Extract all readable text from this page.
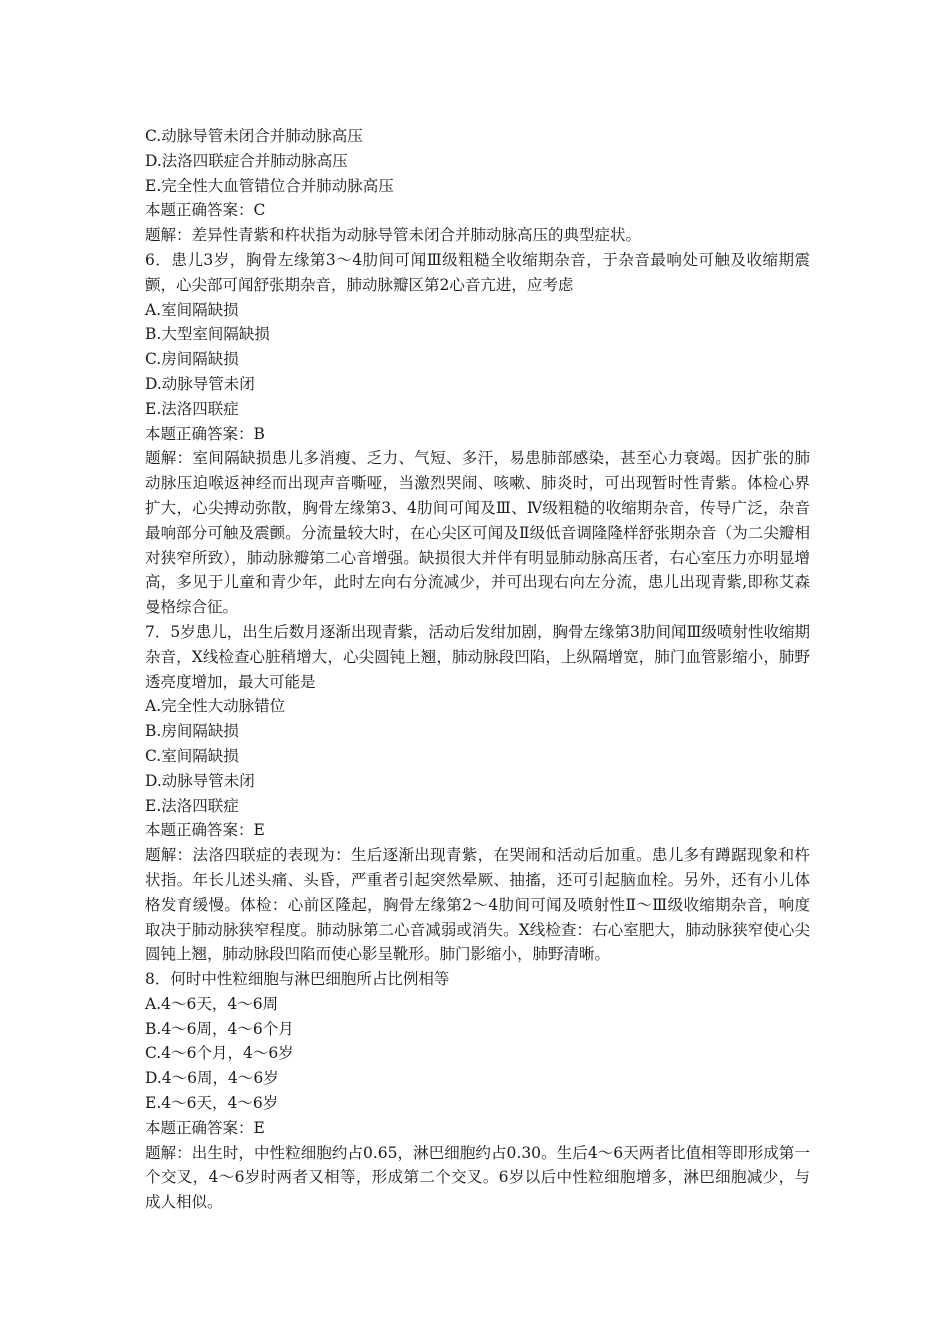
C.动脉导管未闭合并肺动脉高压
D.法洛四联症合并肺动脉高压
E.完全性大血管错位合并肺动脉高压
本题正确答案：C
题解：差异性青紫和杵状指为动脉导管未闭合并肺动脉高压的典型症状。
6．患儿3岁，胸骨左缘第3～4肋间可闻Ⅲ级粗糙全收缩期杂音，于杂音最响处可触及收缩期震颤，心尖部可闻舒张期杂音，肺动脉瓣区第2心音亢进，应考虑
A.室间隔缺损
B.大型室间隔缺损
C.房间隔缺损
D.动脉导管未闭
E.法洛四联症
本题正确答案：B
题解：室间隔缺损患儿多消瘦、乏力、气短、多汗，易患肺部感染，甚至心力衰竭。因扩张的肺动脉压迫喉返神经而出现声音嘶哑，当激烈哭闹、咳嗽、肺炎时，可出现暂时性青紫。体检心界扩大，心尖搏动弥散，胸骨左缘第3、4肋间可闻及Ⅲ、Ⅳ级粗糙的收缩期杂音，传导广泛，杂音最响部分可触及震颤。分流量较大时，在心尖区可闻及Ⅱ级低音调隆隆样舒张期杂音（为二尖瓣相对狭窄所致），肺动脉瓣第二心音增强。缺损很大并伴有明显肺动脉高压者，右心室压力亦明显增高，多见于儿童和青少年，此时左向右分流减少，并可出现右向左分流，患儿出现青紫,即称艾森曼格综合征。
7．5岁患儿，出生后数月逐渐出现青紫，活动后发绀加剧，胸骨左缘第3肋间闻Ⅲ级喷射性收缩期杂音，X线检查心脏稍增大，心尖圆钝上翘，肺动脉段凹陷，上纵隔增宽，肺门血管影缩小，肺野透亮度增加，最大可能是
A.完全性大动脉错位
B.房间隔缺损
C.室间隔缺损
D.动脉导管未闭
E.法洛四联症
本题正确答案：E
题解：法洛四联症的表现为：生后逐渐出现青紫，在哭闹和活动后加重。患儿多有蹲踞现象和杵状指。年长儿述头痛、头昏，严重者引起突然晕厥、抽搐，还可引起脑血栓。另外，还有小儿体格发育缓慢。体检：心前区隆起，胸骨左缘第2～4肋间可闻及喷射性Ⅱ～Ⅲ级收缩期杂音，响度取决于肺动脉狭窄程度。肺动脉第二心音减弱或消失。X线检查：右心室肥大，肺动脉狭窄使心尖圆钝上翘，肺动脉段凹陷而使心影呈靴形。肺门影缩小，肺野清晰。
8．何时中性粒细胞与淋巴细胞所占比例相等
A.4～6天，4～6周
B.4～6周，4～6个月
C.4～6个月，4～6岁
D.4～6周，4～6岁
E.4～6天，4～6岁
本题正确答案：E
题解：出生时，中性粒细胞约占0.65，淋巴细胞约占0.30。生后4～6天两者比值相等即形成第一个交叉，4～6岁时两者又相等，形成第二个交叉。6岁以后中性粒细胞增多，淋巴细胞减少，与成人相似。
